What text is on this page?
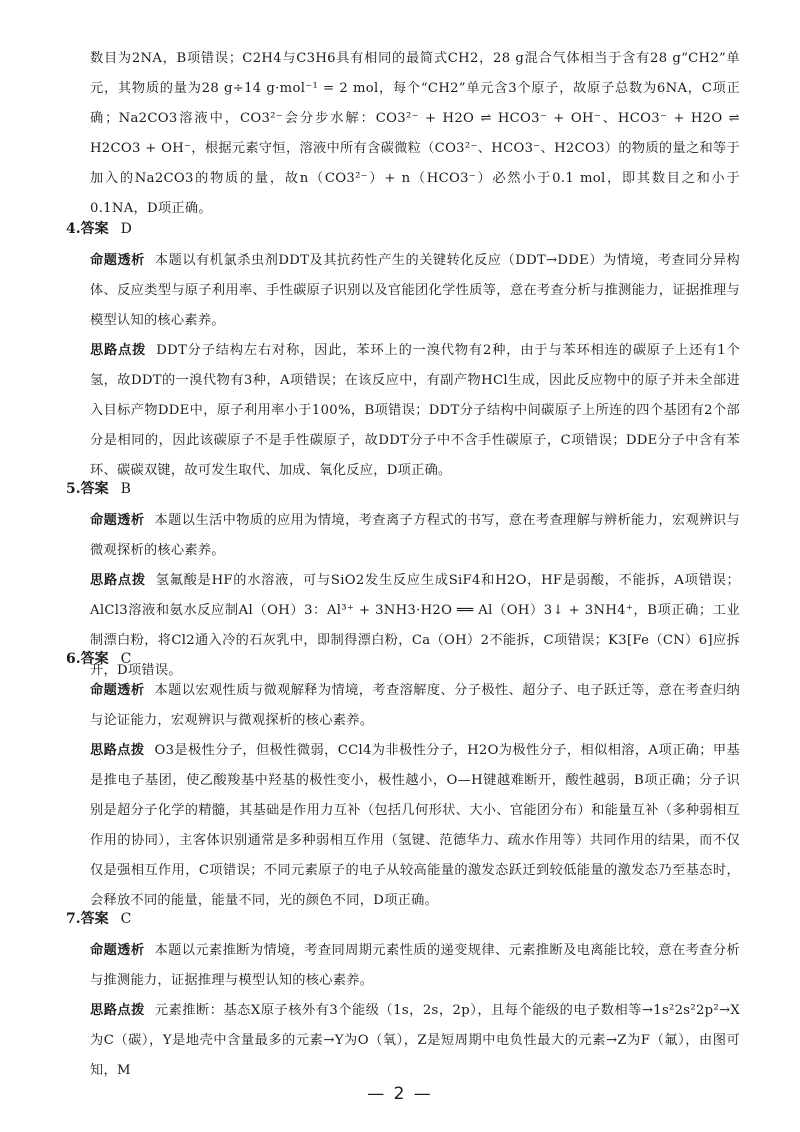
数目为2NA，B项错误；C2H4与C3H6具有相同的最简式CH2，28 g混合气体相当于含有28 g“CH2”单元，其物质的量为28 g÷14 g·mol⁻¹ = 2 mol，每个“CH2”单元含3个原子，故原子总数为6NA，C项正确；Na2CO3溶液中，CO3²⁻会分步水解：CO3²⁻ + H2O ⇌ HCO3⁻ + OH⁻、HCO3⁻ + H2O ⇌ H2CO3 + OH⁻，根据元素守恒，溶液中所有含碳微粒（CO3²⁻、HCO3⁻、H2CO3）的物质的量之和等于加入的Na2CO3的物质的量，故n（CO3²⁻）+ n（HCO3⁻）必然小于0.1 mol，即其数目之和小于0.1NA，D项正确。

4.答案 D

命题透析 本题以有机氯杀虫剂DDT及其抗药性产生的关键转化反应（DDT→DDE）为情境，考查同分异构体、反应类型与原子利用率、手性碳原子识别以及官能团化学性质等，意在考查分析与推测能力，证据推理与模型认知的核心素养。

思路点拨 DDT分子结构左右对称，因此，苯环上的一溴代物有2种，由于与苯环相连的碳原子上还有1个氢，故DDT的一溴代物有3种，A项错误；在该反应中，有副产物HCl生成，因此反应物中的原子并未全部进入目标产物DDE中，原子利用率小于100%，B项错误；DDT分子结构中间碳原子上所连的四个基团有2个部分是相同的，因此该碳原子不是手性碳原子，故DDT分子中不含手性碳原子，C项错误；DDE分子中含有苯环、碳碳双键，故可发生取代、加成、氧化反应，D项正确。

5.答案 B

命题透析 本题以生活中物质的应用为情境，考查离子方程式的书写，意在考查理解与辨析能力，宏观辨识与微观探析的核心素养。

思路点拨 氢氟酸是HF的水溶液，可与SiO2发生反应生成SiF4和H2O，HF是弱酸，不能拆，A项错误；AlCl3溶液和氨水反应制Al（OH）3：Al³⁺ + 3NH3·H2O ══ Al（OH）3↓ + 3NH4⁺，B项正确；工业制漂白粉，将Cl2通入冷的石灰乳中，即制得漂白粉，Ca（OH）2不能拆，C项错误；K3[Fe（CN）6]应拆开，D项错误。

6.答案 C

命题透析 本题以宏观性质与微观解释为情境，考查溶解度、分子极性、超分子、电子跃迁等，意在考查归纳与论证能力，宏观辨识与微观探析的核心素养。

思路点拨 O3是极性分子，但极性微弱，CCl4为非极性分子，H2O为极性分子，相似相溶，A项正确；甲基是推电子基团，使乙酸羧基中羟基的极性变小，极性越小，O—H键越难断开，酸性越弱，B项正确；分子识别是超分子化学的精髓，其基础是作用力互补（包括几何形状、大小、官能团分布）和能量互补（多种弱相互作用的协同），主客体识别通常是多种弱相互作用（氢键、范德华力、疏水作用等）共同作用的结果，而不仅仅是强相互作用，C项错误；不同元素原子的电子从较高能量的激发态跃迁到较低能量的激发态乃至基态时，会释放不同的能量，能量不同，光的颜色不同，D项正确。

7.答案 C

命题透析 本题以元素推断为情境，考查同周期元素性质的递变规律、元素推断及电离能比较，意在考查分析与推测能力，证据推理与模型认知的核心素养。

思路点拨 元素推断：基态X原子核外有3个能级（1s，2s，2p），且每个能级的电子数相等→1s²2s²2p²→X为C（碳），Y是地壳中含量最多的元素→Y为O（氧），Z是短周期中电负性最大的元素→Z为F（氟），由图可知，M

— 2 —
